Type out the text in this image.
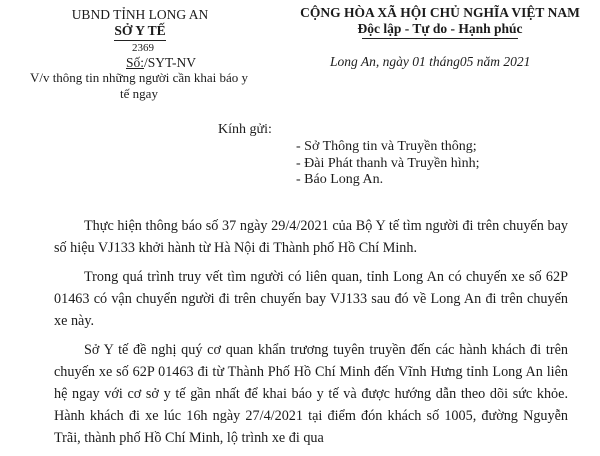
UBND TỈNH LONG AN
SỞ Y TẾ
CỘNG HÒA XÃ HỘI CHỦ NGHĨA VIỆT NAM
Độc lập - Tự do - Hạnh phúc
2369
Số:/SYT-NV
V/v thông tin những người cần khai báo y tế ngay
Long An, ngày 01 tháng05 năm 2021
Kính gửi:
- Sở Thông tin và Truyền thông;
- Đài Phát thanh và Truyền hình;
- Báo Long An.

Thực hiện thông báo số 37 ngày 29/4/2021 của Bộ Y tế tìm người đi trên chuyến bay số hiệu VJ133 khởi hành từ Hà Nội đi Thành phố Hồ Chí Minh.

Trong quá trình truy vết tìm người có liên quan, tỉnh Long An có chuyến xe số 62P 01463 có vận chuyển người đi trên chuyến bay VJ133 sau đó về Long An đi trên chuyến xe này.

Sở Y tế đề nghị quý cơ quan khẩn trương tuyên truyền đến các hành khách đi trên chuyến xe số 62P 01463 đi từ Thành Phố Hồ Chí Minh đến Vĩnh Hưng tỉnh Long An liên hệ ngay với cơ sở y tế gần nhất để khai báo y tế và được hướng dẫn theo dõi sức khỏe. Hành khách đi xe lúc 16h ngày 27/4/2021 tại điểm đón khách số 1005, đường Nguyễn Trãi, thành phố Hồ Chí Minh, lộ trình xe đi qua
